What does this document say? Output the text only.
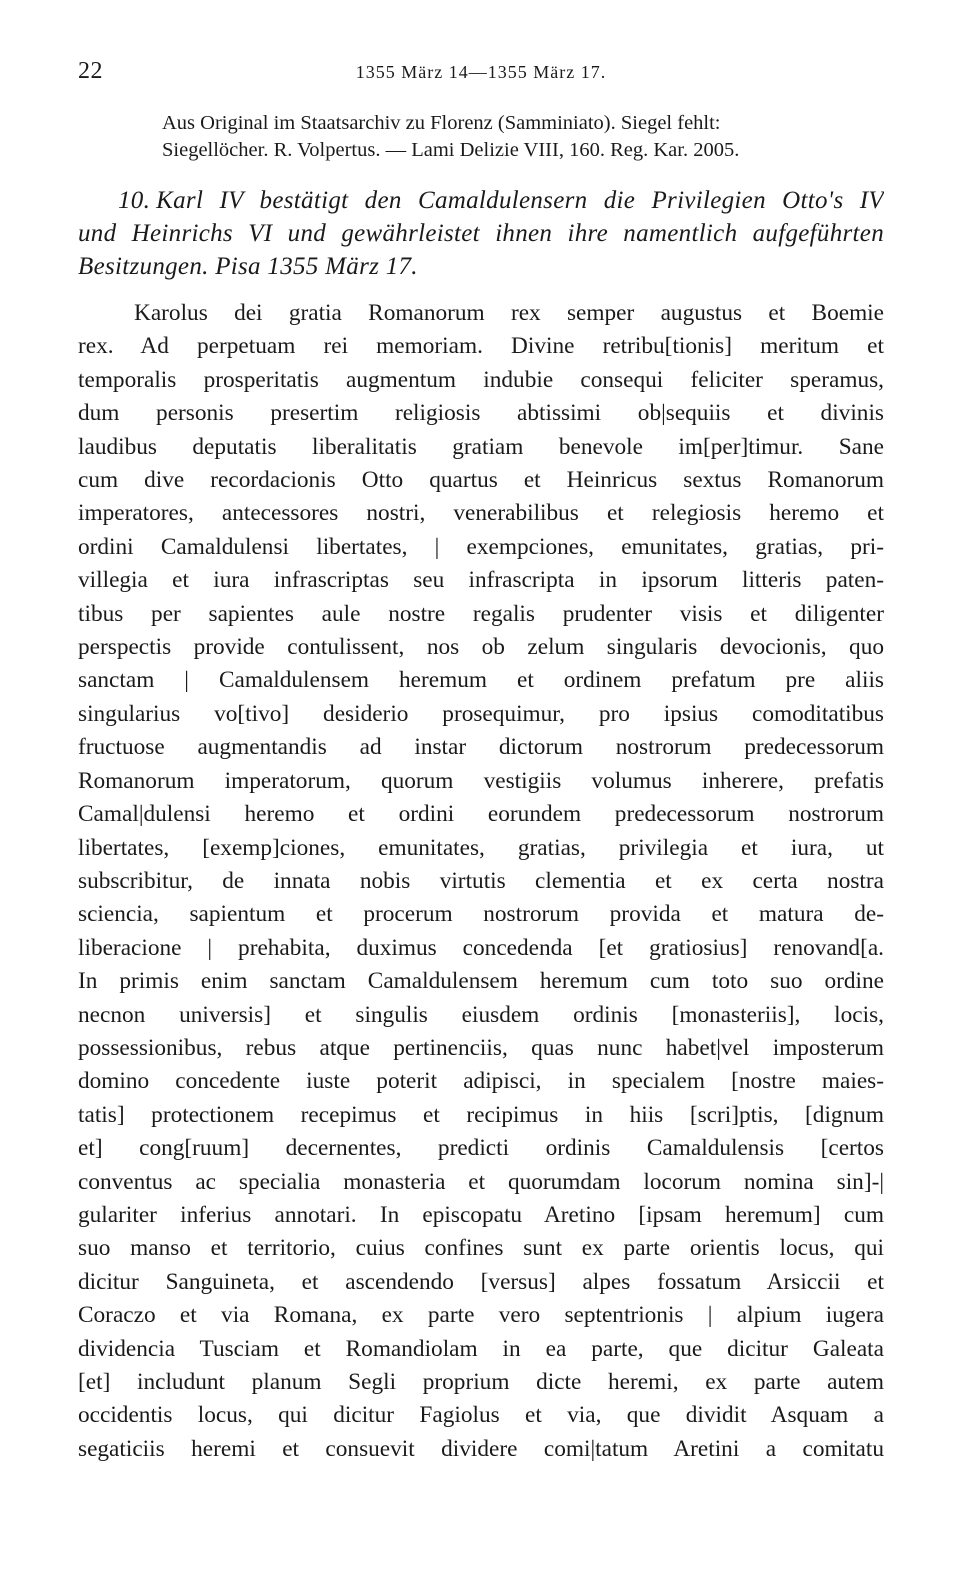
22	1355 März 14—1355 März 17.
Aus Original im Staatsarchiv zu Florenz (Samminiato). Siegel fehlt:
Siegellöcher. R. Volpertus. — Lami Delizie VIII, 160. Reg. Kar. 2005.
10. Karl IV bestätigt den Camaldulensern die Privilegien Otto's IV
und Heinrichs VI und gewährleistet ihnen ihre namentlich aufgeführten
Besitzungen. Pisa 1355 März 17.
Karolus dei gratia Romanorum rex semper augustus et Boemie
rex. Ad perpetuam rei memoriam. Divine retribu[tionis] meritum et
temporalis prosperitatis augmentum indubie consequi feliciter speramus,
dum personis presertim religiosis abtissimi ob|sequiis et divinis
laudibus deputatis liberalitatis gratiam benevole im[per]timur. Sane
cum dive recordacionis Otto quartus et Heinricus sextus Romanorum
imperatores, antecessores nostri, venerabilibus et relegiosis heremo et
ordini Camaldulensi libertates, | exempciones, emunitates, gratias, pri-
villegia et iura infrascriptas seu infrascripta in ipsorum litteris paten-
tibus per sapientes aule nostre regalis prudenter visis et diligenter
perspectis provide contulissent, nos ob zelum singularis devocionis, quo
sanctam | Camaldulensem heremum et ordinem prefatum pre aliis
singularius vo[tivo] desiderio prosequimur, pro ipsius comoditatibus
fructuose augmentandis ad instar dictorum nostrorum predecessorum
Romanorum imperatorum, quorum vestigiis volumus inherere, prefatis
Camal|dulensi heremo et ordini eorundem predecessorum nostrorum
libertates, [exemp]ciones, emunitates, gratias, privilegia et iura, ut
subscribitur, de innata nobis virtutis clementia et ex certa nostra
sciencia, sapientum et procerum nostrorum provida et matura de-
liberacione | prehabita, duximus concedenda [et gratiosius] renovand[a.
In primis enim sanctam Camaldulensem heremum cum toto suo ordine
necnon universis] et singulis eiusdem ordinis [monasteriis], locis,
possessionibus, rebus atque pertinenciis, quas nunc habet|vel imposterum
domino concedente iuste poterit adipisci, in specialem [nostre maies-
tatis] protectionem recepimus et recipimus in hiis [scri]ptis, [dignum
et] cong[ruum] decernentes, predicti ordinis Camaldulensis [certos
conventus ac specialia monasteria et quorumdam locorum nomina sin]-|
gulariter inferius annotari. In episcopatu Aretino [ipsam heremum] cum
suo manso et territorio, cuius confines sunt ex parte orientis locus, qui
dicitur Sanguineta, et ascendendo [versus] alpes fossatum Arsiccii et
Coraczo et via Romana, ex parte vero septentrionis | alpium iugera
dividencia Tusciam et Romandiolam in ea parte, que dicitur Galeata
[et] includunt planum Segli proprium dicte heremi, ex parte autem
occidentis locus, qui dicitur Fagiolus et via, que dividit Asquam a
segaticiis heremi et consuevit dividere comi|tatum Aretini a comitatu
